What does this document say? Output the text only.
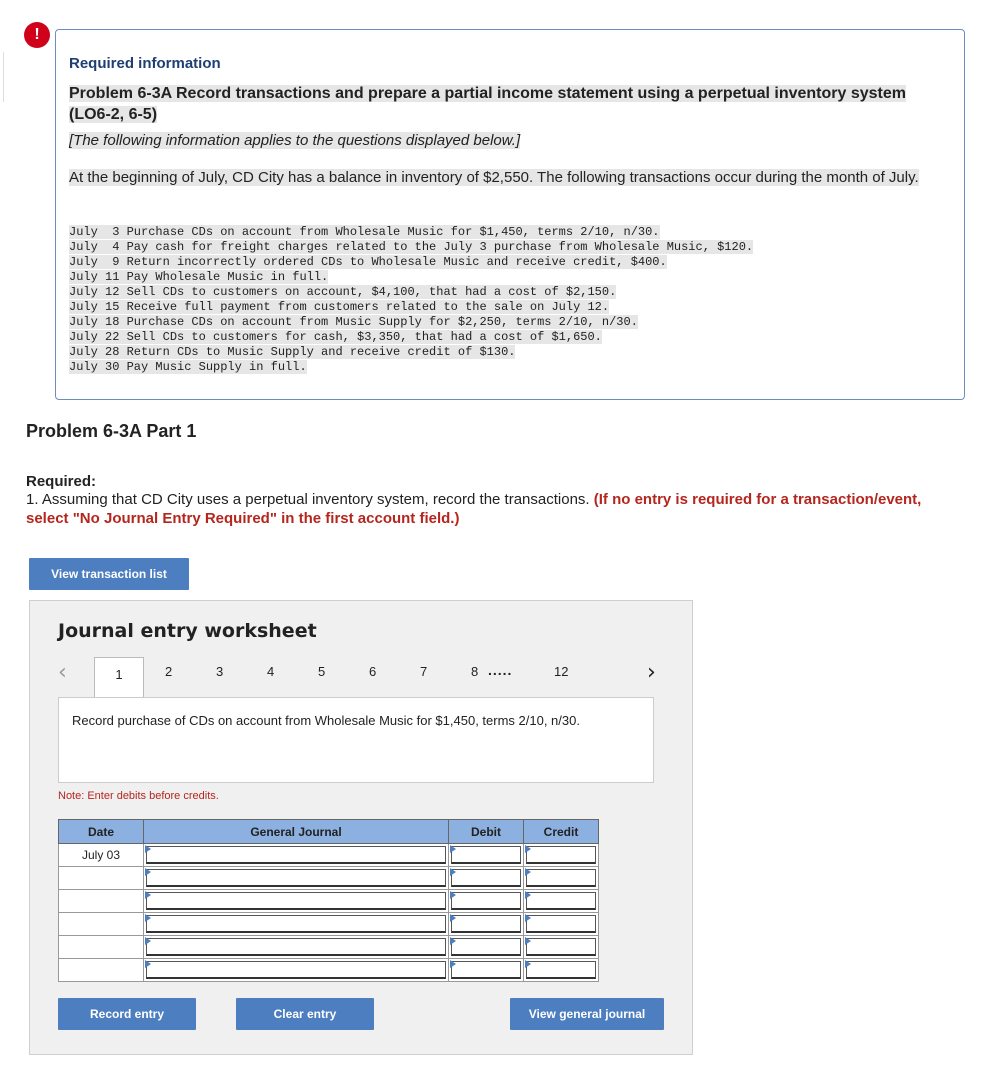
!
Required information
Problem 6-3A Record transactions and prepare a partial income statement using a perpetual inventory system (LO6-2, 6-5)
[The following information applies to the questions displayed below.]
At the beginning of July, CD City has a balance in inventory of $2,550. The following transactions occur during the month of July.
July  3 Purchase CDs on account from Wholesale Music for $1,450, terms 2/10, n/30.
July  4 Pay cash for freight charges related to the July 3 purchase from Wholesale Music, $120.
July  9 Return incorrectly ordered CDs to Wholesale Music and receive credit, $400.
July 11 Pay Wholesale Music in full.
July 12 Sell CDs to customers on account, $4,100, that had a cost of $2,150.
July 15 Receive full payment from customers related to the sale on July 12.
July 18 Purchase CDs on account from Music Supply for $2,250, terms 2/10, n/30.
July 22 Sell CDs to customers for cash, $3,350, that had a cost of $1,650.
July 28 Return CDs to Music Supply and receive credit of $130.
July 30 Pay Music Supply in full.
Problem 6-3A Part 1
Required:
1. Assuming that CD City uses a perpetual inventory system, record the transactions. (If no entry is required for a transaction/event, select "No Journal Entry Required" in the first account field.)
View transaction list
Journal entry worksheet
‹	1	2	3	4	5	6	7	8 .....	12	›
Record purchase of CDs on account from Wholesale Music for $1,450, terms 2/10, n/30.
Note: Enter debits before credits.
Date	General Journal	Debit	Credit
July 03	

Record entry	Clear entry	View general journal
